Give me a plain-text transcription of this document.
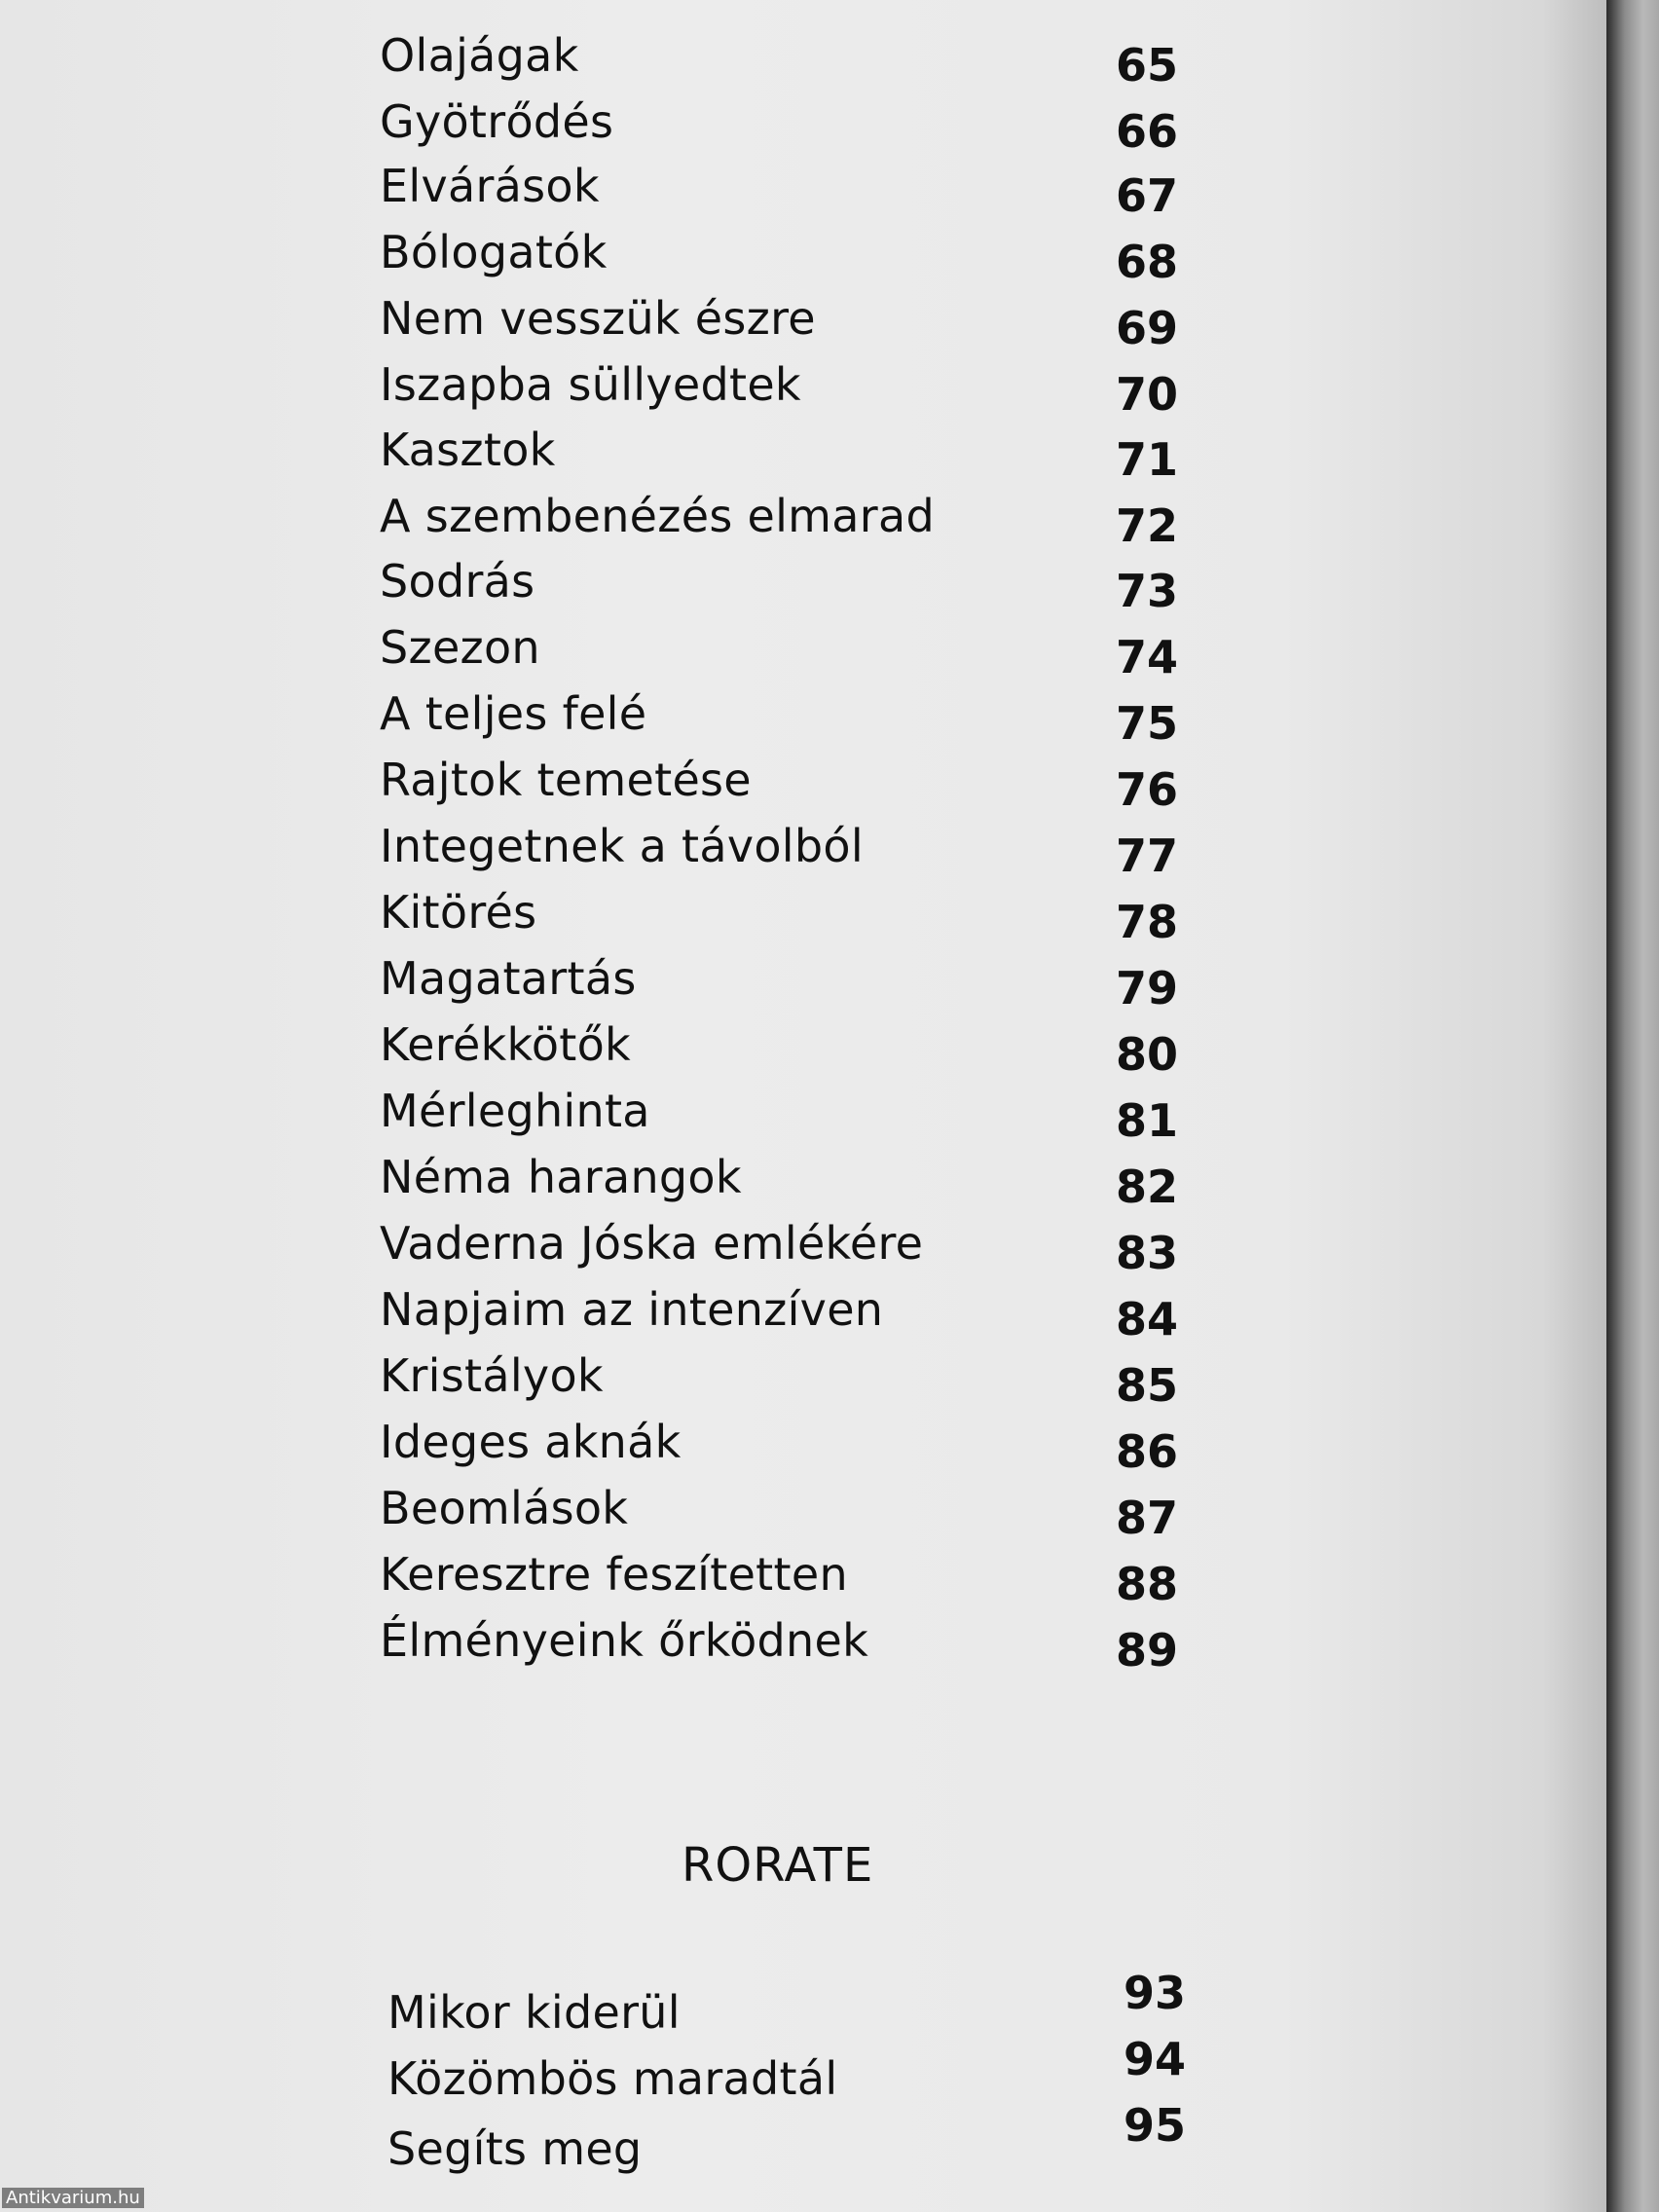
Olajágak	65
Gyötrődés	66
Elvárások	67
Bólogatók	68
Nem vesszük észre	69
Iszapba süllyedtek	70
Kasztok	71
A szembenézés elmarad	72
Sodrás	73
Szezon	74
A teljes felé	75
Rajtok temetése	76
Integetnek a távolból	77
Kitörés	78
Magatartás	79
Kerékkötők	80
Mérleghinta	81
Néma harangok	82
Vaderna Jóska emlékére	83
Napjaim az intenzíven	84
Kristályok	85
Ideges aknák	86
Beomlások	87
Keresztre feszítetten	88
Élményeink őrködnek	89
RORATE
Mikor kiderül	93
Közömbös maradtál	94
Segíts meg	95
Antikvarium.hu
